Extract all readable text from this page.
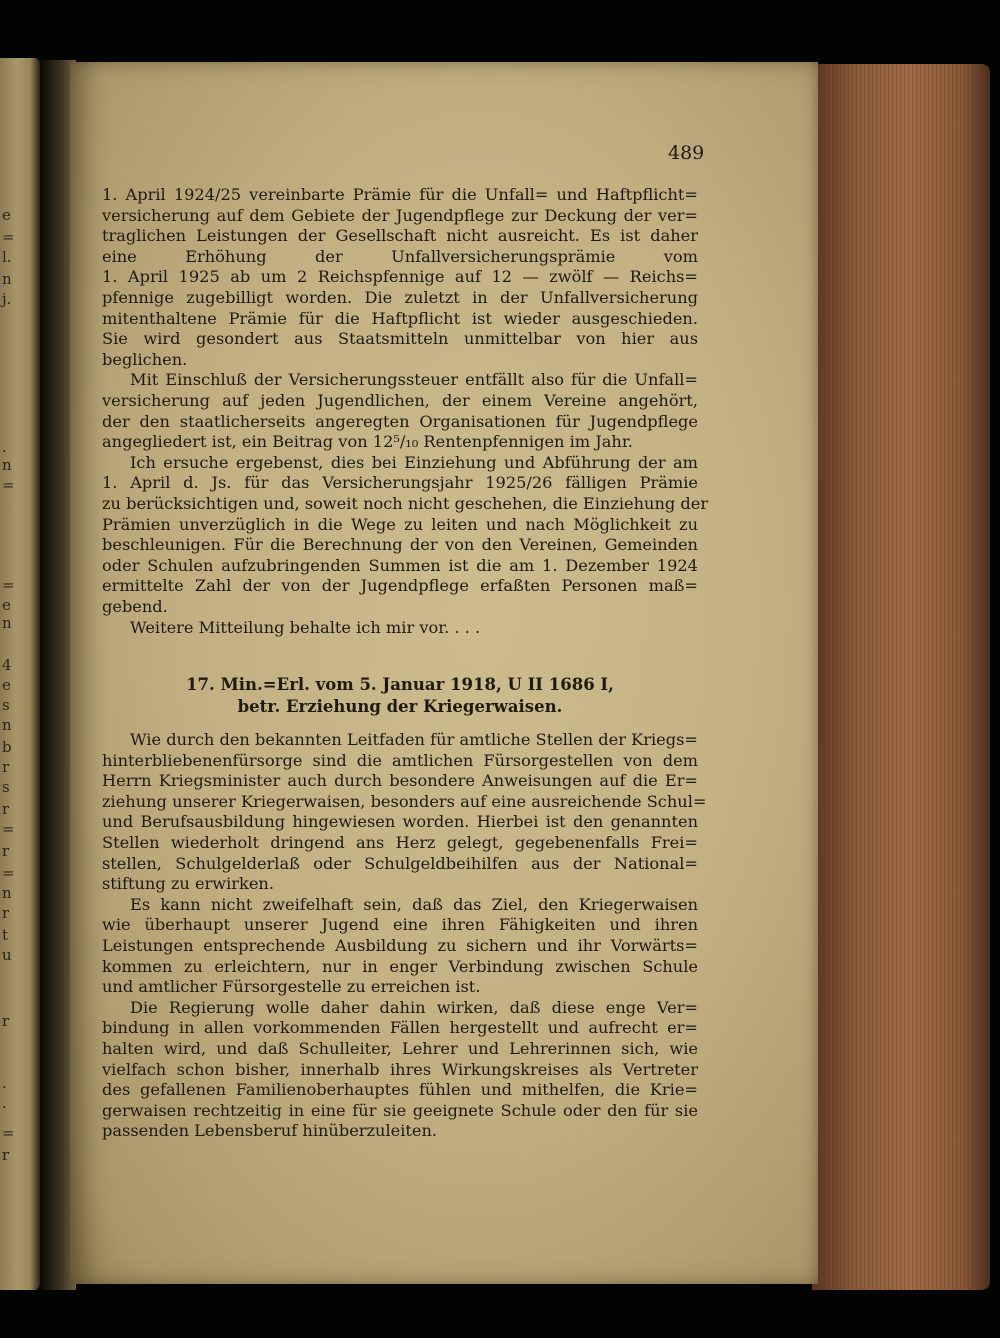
e
=
l.
n
j.
.
n
=
=
e
n
4
e
s
n
b
r
s
r
=
r
=
n
r
t
u
r
.
.
=
r
489
1. April 1924/25 vereinbarte Prämie für die Unfall= und Haftpflicht=
versicherung auf dem Gebiete der Jugendpflege zur Deckung der ver=
traglichen Leistungen der Gesellschaft nicht ausreicht. Es ist daher
eine Erhöhung der Unfallversicherungsprämie vom
1. April 1925 ab um 2 Reichspfennige auf 12 — zwölf — Reichs=
pfennige zugebilligt worden. Die zuletzt in der Unfallversicherung
mitenthaltene Prämie für die Haftpflicht ist wieder ausgeschieden.
Sie wird gesondert aus Staatsmitteln unmittelbar von hier aus
beglichen.
Mit Einschluß der Versicherungssteuer entfällt also für die Unfall=
versicherung auf jeden Jugendlichen, der einem Vereine angehört,
der den staatlicherseits angeregten Organisationen für Jugendpflege
angegliedert ist, ein Beitrag von 12⁵/₁₀ Rentenpfennigen im Jahr.
Ich ersuche ergebenst, dies bei Einziehung und Abführung der am
1. April d. Js. für das Versicherungsjahr 1925/26 fälligen Prämie
zu berücksichtigen und, soweit noch nicht geschehen, die Einziehung der
Prämien unverzüglich in die Wege zu leiten und nach Möglichkeit zu
beschleunigen. Für die Berechnung der von den Vereinen, Gemeinden
oder Schulen aufzubringenden Summen ist die am 1. Dezember 1924
ermittelte Zahl der von der Jugendpflege erfaßten Personen maß=
gebend.
Weitere Mitteilung behalte ich mir vor. . . .
17. Min.=Erl. vom 5. Januar 1918, U II 1686 I,
betr. Erziehung der Kriegerwaisen.
Wie durch den bekannten Leitfaden für amtliche Stellen der Kriegs=
hinterbliebenenfürsorge sind die amtlichen Fürsorgestellen von dem
Herrn Kriegsminister auch durch besondere Anweisungen auf die Er=
ziehung unserer Kriegerwaisen, besonders auf eine ausreichende Schul=
und Berufsausbildung hingewiesen worden. Hierbei ist den genannten
Stellen wiederholt dringend ans Herz gelegt, gegebenenfalls Frei=
stellen, Schulgelderlaß oder Schulgeldbeihilfen aus der National=
stiftung zu erwirken.
Es kann nicht zweifelhaft sein, daß das Ziel, den Kriegerwaisen
wie überhaupt unserer Jugend eine ihren Fähigkeiten und ihren
Leistungen entsprechende Ausbildung zu sichern und ihr Vorwärts=
kommen zu erleichtern, nur in enger Verbindung zwischen Schule
und amtlicher Fürsorgestelle zu erreichen ist.
Die Regierung wolle daher dahin wirken, daß diese enge Ver=
bindung in allen vorkommenden Fällen hergestellt und aufrecht er=
halten wird, und daß Schulleiter, Lehrer und Lehrerinnen sich, wie
vielfach schon bisher, innerhalb ihres Wirkungskreises als Vertreter
des gefallenen Familienoberhauptes fühlen und mithelfen, die Krie=
gerwaisen rechtzeitig in eine für sie geeignete Schule oder den für sie
passenden Lebensberuf hinüberzuleiten.
